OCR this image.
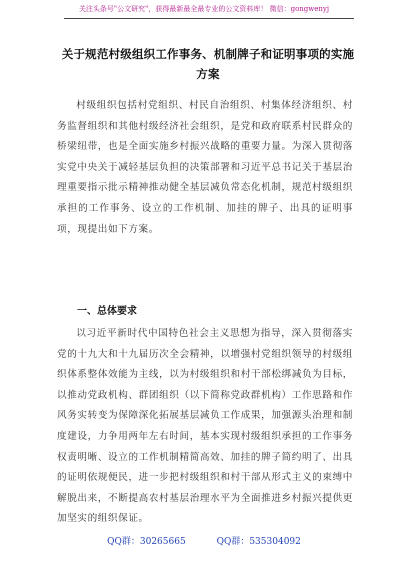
关注头条号"公文研究"，获得最新最全最专业的公文资料库！ 微信：gongwenyj
关于规范村级组织工作事务、机制牌子和证明事项的实施
方案

村级组织包括村党组织、村民自治组织、村集体经济组织、村务监督组织和其他村级经济社会组织，是党和政府联系村民群众的桥梁纽带，也是全面实施乡村振兴战略的重要力量。为深入贯彻落实党中央关于减轻基层负担的决策部署和习近平总书记关于基层治理重要指示批示精神推动健全基层减负常态化机制，规范村级组织承担的工作事务、设立的工作机制、加挂的牌子、出具的证明事项，现提出如下方案。

一、总体要求

以习近平新时代中国特色社会主义思想为指导，深入贯彻落实党的十九大和十九届历次全会精神，以增强村党组织领导的村级组织体系整体效能为主线，以为村级组织和村干部松绑减负为目标，以推动党政机构、群团组织（以下简称党政群机构）工作思路和作风务实转变为保障深化拓展基层减负工作成果，加强源头治理和制度建设，力争用两年左右时间，基本实现村级组织承担的工作事务权责明晰、设立的工作机制精简高效、加挂的牌子简约明了、出具的证明依规便民，进一步把村级组织和村干部从形式主义的束缚中解脱出来，不断提高农村基层治理水平为全面推进乡村振兴提供更加坚实的组织保证。

QQ群：30265665	QQ群：535304092
